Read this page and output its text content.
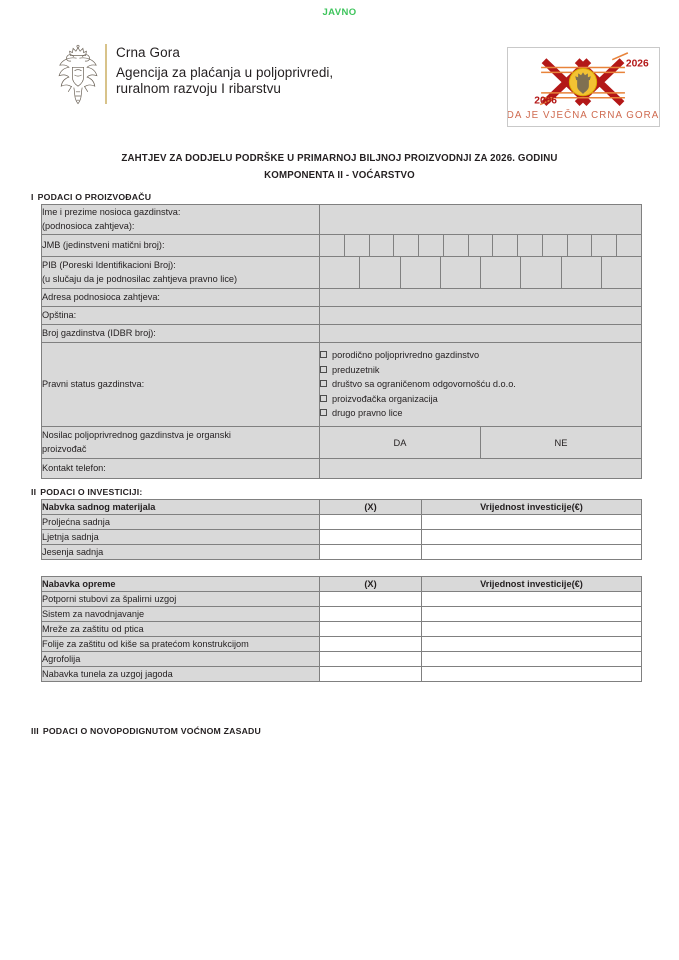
JAVNO
Crna Gora
Agencija za plaćanja u poljoprivredi,
ruralnom razvoju I ribarstvu
2006
2026
DA JE VJEČNA CRNA GORA
ZAHTJEV ZA DODJELU PODRŠKE U PRIMARNOJ BILJNOJ PROIZVODNJI ZA 2026. GODINU
KOMPONENTA II - VOĆARSTVO
I PODACI O PROIZVOĐAČU
Ime i prezime nosioca gazdinstva:
(podnosioca zahtjeva):

JMB (jedinstveni matični broj):	

PIB (Poreski Identifikacioni Broj):
(u slučaju da je podnosilac zahtjeva pravno lice)

Adresa podnosioca zahtjeva:	
Opština:	
Broj gazdinstva (IDBR broj):	
Pravni status gazdinstva:	
porodično poljoprivredno gazdinstvo
preduzetnik
društvo sa ograničenom odgovornošću d.o.o.
proizvođačka organizacija
drugo pravno lice

Nosilac poljoprivrednog gazdinstva je organski
proizvođač

DA	NE

Kontakt telefon:	
II PODACI O INVESTICIJI:
Nabvka sadnog materijala	(X)	Vrijednost investicije(€)
Proljećna sadnja		
Ljetnja sadnja		
Jesenja sadnja		
Nabavka opreme	(X)	Vrijednost investicije(€)
Potporni stubovi za špalirni uzgoj		
Sistem za navodnjavanje		
Mreže za zaštitu od ptica		
Folije za zaštitu od kiše sa pratećom konstrukcijom		
Agrofolija		
Nabavka tunela za uzgoj jagoda		
III PODACI O NOVOPODIGNUTOM VOĆNOM ZASADU
